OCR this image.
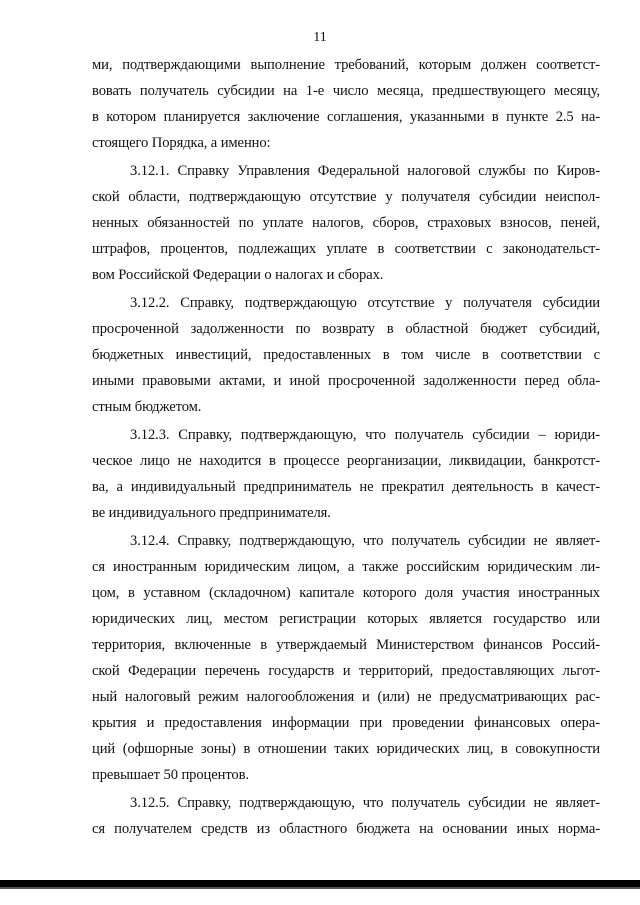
11
ми, подтверждающими выполнение требований, которым должен соответст-
вовать получатель субсидии на 1-е число месяца, предшествующего месяцу,
в котором планируется заключение соглашения, указанными в пункте 2.5 на-
стоящего Порядка, а именно:
3.12.1. Справку Управления Федеральной налоговой службы по Киров-
ской области, подтверждающую отсутствие у получателя субсидии неиспол-
ненных обязанностей по уплате налогов, сборов, страховых взносов, пеней,
штрафов, процентов, подлежащих уплате в соответствии с законодательст-
вом Российской Федерации о налогах и сборах.
3.12.2. Справку, подтверждающую отсутствие у получателя субсидии
просроченной задолженности по возврату в областной бюджет субсидий,
бюджетных инвестиций, предоставленных в том числе в соответствии с
иными правовыми актами, и иной просроченной задолженности перед обла-
стным бюджетом.
3.12.3. Справку, подтверждающую, что получатель субсидии – юриди-
ческое лицо не находится в процессе реорганизации, ликвидации, банкротст-
ва, а индивидуальный предприниматель не прекратил деятельность в качест-
ве индивидуального предпринимателя.
3.12.4. Справку, подтверждающую, что получатель субсидии не являет-
ся иностранным юридическим лицом, а также российским юридическим ли-
цом, в уставном (складочном) капитале которого доля участия иностранных
юридических лиц, местом регистрации которых является государство или
территория, включенные в утверждаемый Министерством финансов Россий-
ской Федерации перечень государств и территорий, предоставляющих льгот-
ный налоговый режим налогообложения и (или) не предусматривающих рас-
крытия и предоставления информации при проведении финансовых опера-
ций (офшорные зоны) в отношении таких юридических лиц, в совокупности
превышает 50 процентов.
3.12.5. Справку, подтверждающую, что получатель субсидии не являет-
ся получателем средств из областного бюджета на основании иных норма-
